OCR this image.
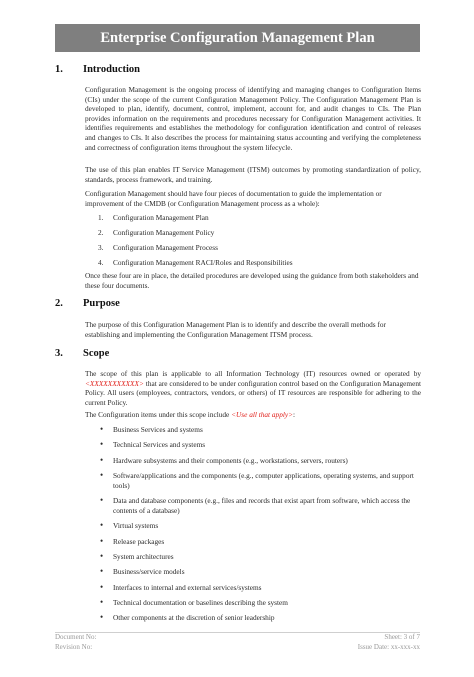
Enterprise Configuration Management Plan
1. Introduction
Configuration Management is the ongoing process of identifying and managing changes to Configuration Items (CIs) under the scope of the current Configuration Management Policy. The Configuration Management Plan is developed to plan, identify, document, control, implement, account for, and audit changes to CIs. The Plan provides information on the requirements and procedures necessary for Configuration Management activities. It identifies requirements and establishes the methodology for configuration identification and control of releases and changes to CIs. It also describes the process for maintaining status accounting and verifying the completeness and correctness of configuration items throughout the system lifecycle.
The use of this plan enables IT Service Management (ITSM) outcomes by promoting standardization of policy, standards, process framework, and training.
Configuration Management should have four pieces of documentation to guide the implementation or improvement of the CMDB (or Configuration Management process as a whole):
1. Configuration Management Plan
2. Configuration Management Policy
3. Configuration Management Process
4. Configuration Management RACI/Roles and Responsibilities
Once these four are in place, the detailed procedures are developed using the guidance from both stakeholders and these four documents.
2. Purpose
The purpose of this Configuration Management Plan is to identify and describe the overall methods for establishing and implementing the Configuration Management ITSM process.
3. Scope
The scope of this plan is applicable to all Information Technology (IT) resources owned or operated by <XXXXXXXXXXX> that are considered to be under configuration control based on the Configuration Management Policy. All users (employees, contractors, vendors, or others) of IT resources are responsible for adhering to the current Policy.
The Configuration items under this scope include <Use all that apply>:
• Business Services and systems
• Technical Services and systems
• Hardware subsystems and their components (e.g., workstations, servers, routers)
• Software/applications and the components (e.g., computer applications, operating systems, and support tools)
• Data and database components (e.g., files and records that exist apart from software, which access the contents of a database)
• Virtual systems
• Release packages
• System architectures
• Business/service models
• Interfaces to internal and external services/systems
• Technical documentation or baselines describing the system
• Other components at the discretion of senior leadership
Document No:
Revision No:
Sheet: 3 of 7
Issue Date: xx-xxx-xx
